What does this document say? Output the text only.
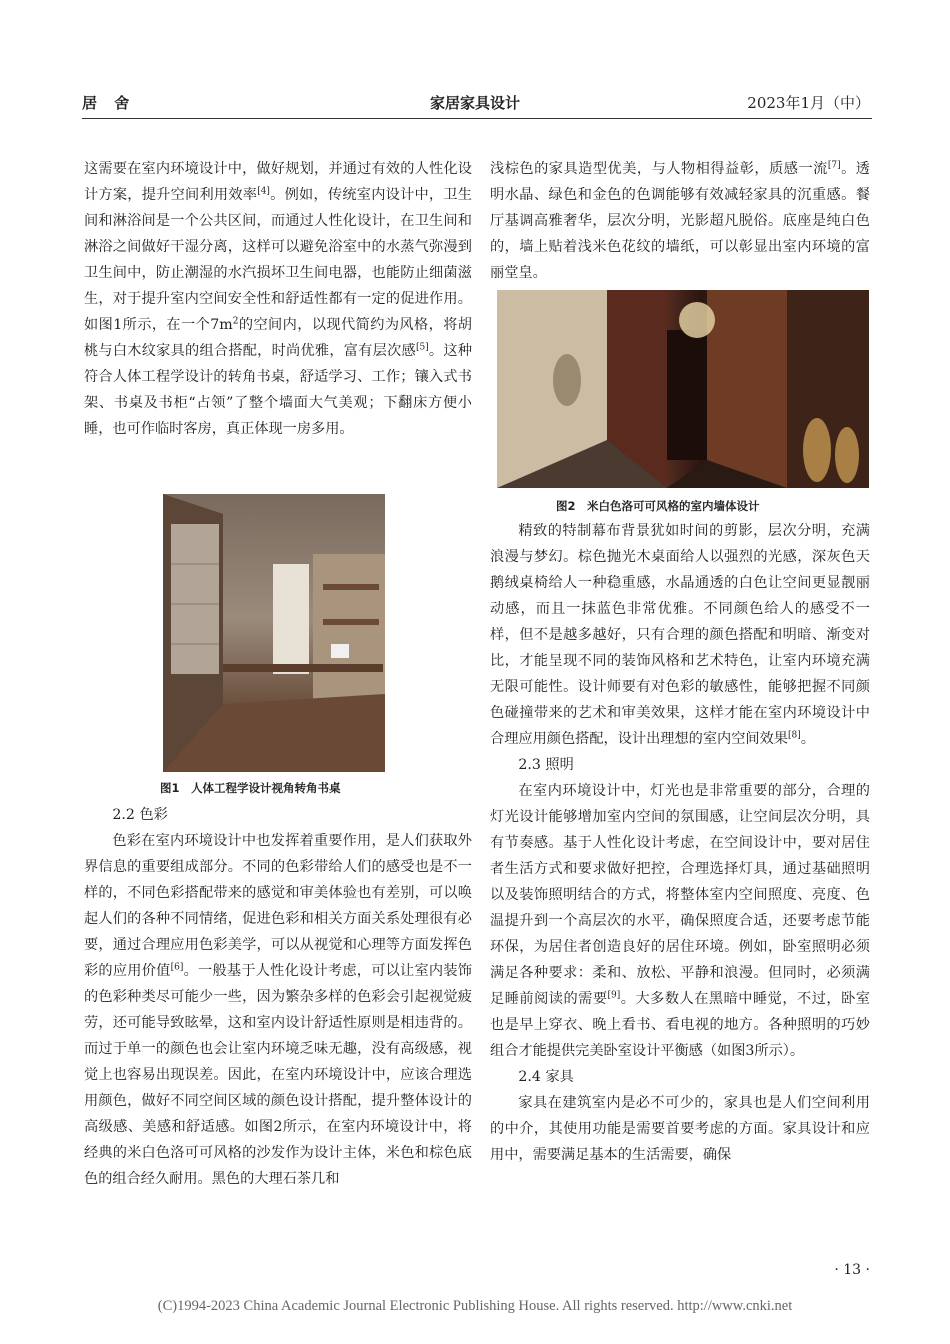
居 舍	家居家具设计	2023年1月（中）

这需要在室内环境设计中，做好规划，并通过有效的人性化设计方案，提升空间利用效率[4]。例如，传统室内设计中，卫生间和淋浴间是一个公共区间，而通过人性化设计，在卫生间和淋浴之间做好干湿分离，这样可以避免浴室中的水蒸气弥漫到卫生间中，防止潮湿的水汽损坏卫生间电器，也能防止细菌滋生，对于提升室内空间安全性和舒适性都有一定的促进作用。如图1所示，在一个$7m^2$的空间内，以现代简约为风格，将胡桃与白木纹家具的组合搭配，时尚优雅，富有层次感[5]。这种符合人体工程学设计的转角书桌，舒适学习、工作；镶入式书架、书桌及书柜“占领”了整个墙面大气美观；下翻床方便小睡，也可作临时客房，真正体现一房多用。

图1　人体工程学设计视角转角书桌

2.2 色彩

色彩在室内环境设计中也发挥着重要作用，是人们获取外界信息的重要组成部分。不同的色彩带给人们的感受也是不一样的，不同色彩搭配带来的感觉和审美体验也有差别，可以唤起人们的各种不同情绪，促进色彩和相关方面关系处理很有必要，通过合理应用色彩美学，可以从视觉和心理等方面发挥色彩的应用价值[6]。一般基于人性化设计考虑，可以让室内装饰的色彩种类尽可能少一些，因为繁杂多样的色彩会引起视觉疲劳，还可能导致眩晕，这和室内设计舒适性原则是相违背的。而过于单一的颜色也会让室内环境乏味无趣，没有高级感，视觉上也容易出现误差。因此，在室内环境设计中，应该合理选用颜色，做好不同空间区域的颜色设计搭配，提升整体设计的高级感、美感和舒适感。如图2所示，在室内环境设计中，将经典的米白色洛可可风格的沙发作为设计主体，米色和棕色底色的组合经久耐用。黑色的大理石茶几和

浅棕色的家具造型优美，与人物相得益彰，质感一流[7]。透明水晶、绿色和金色的色调能够有效减轻家具的沉重感。餐厅基调高雅奢华，层次分明，光影超凡脱俗。底座是纯白色的，墙上贴着浅米色花纹的墙纸，可以彰显出室内环境的富丽堂皇。

图2　米白色洛可可风格的室内墙体设计

精致的特制幕布背景犹如时间的剪影，层次分明，充满浪漫与梦幻。棕色抛光木桌面给人以强烈的光感，深灰色天鹅绒桌椅给人一种稳重感，水晶通透的白色让空间更显靓丽动感，而且一抹蓝色非常优雅。不同颜色给人的感受不一样，但不是越多越好，只有合理的颜色搭配和明暗、渐变对比，才能呈现不同的装饰风格和艺术特色，让室内环境充满无限可能性。设计师要有对色彩的敏感性，能够把握不同颜色碰撞带来的艺术和审美效果，这样才能在室内环境设计中合理应用颜色搭配，设计出理想的室内空间效果[8]。

2.3 照明

在室内环境设计中，灯光也是非常重要的部分，合理的灯光设计能够增加室内空间的氛围感，让空间层次分明，具有节奏感。基于人性化设计考虑，在空间设计中，要对居住者生活方式和要求做好把控，合理选择灯具，通过基础照明以及装饰照明结合的方式，将整体室内空间照度、亮度、色温提升到一个高层次的水平，确保照度合适，还要考虑节能环保，为居住者创造良好的居住环境。例如，卧室照明必须满足各种要求：柔和、放松、平静和浪漫。但同时，必须满足睡前阅读的需要[9]。大多数人在黑暗中睡觉，不过，卧室也是早上穿衣、晚上看书、看电视的地方。各种照明的巧妙组合才能提供完美卧室设计平衡感（如图3所示）。

2.4 家具

家具在建筑室内是必不可少的，家具也是人们空间利用的中介，其使用功能是需要首要考虑的方面。家具设计和应用中，需要满足基本的生活需要，确保

· 13 ·
(C)1994-2023 China Academic Journal Electronic Publishing House. All rights reserved. http://www.cnki.net
